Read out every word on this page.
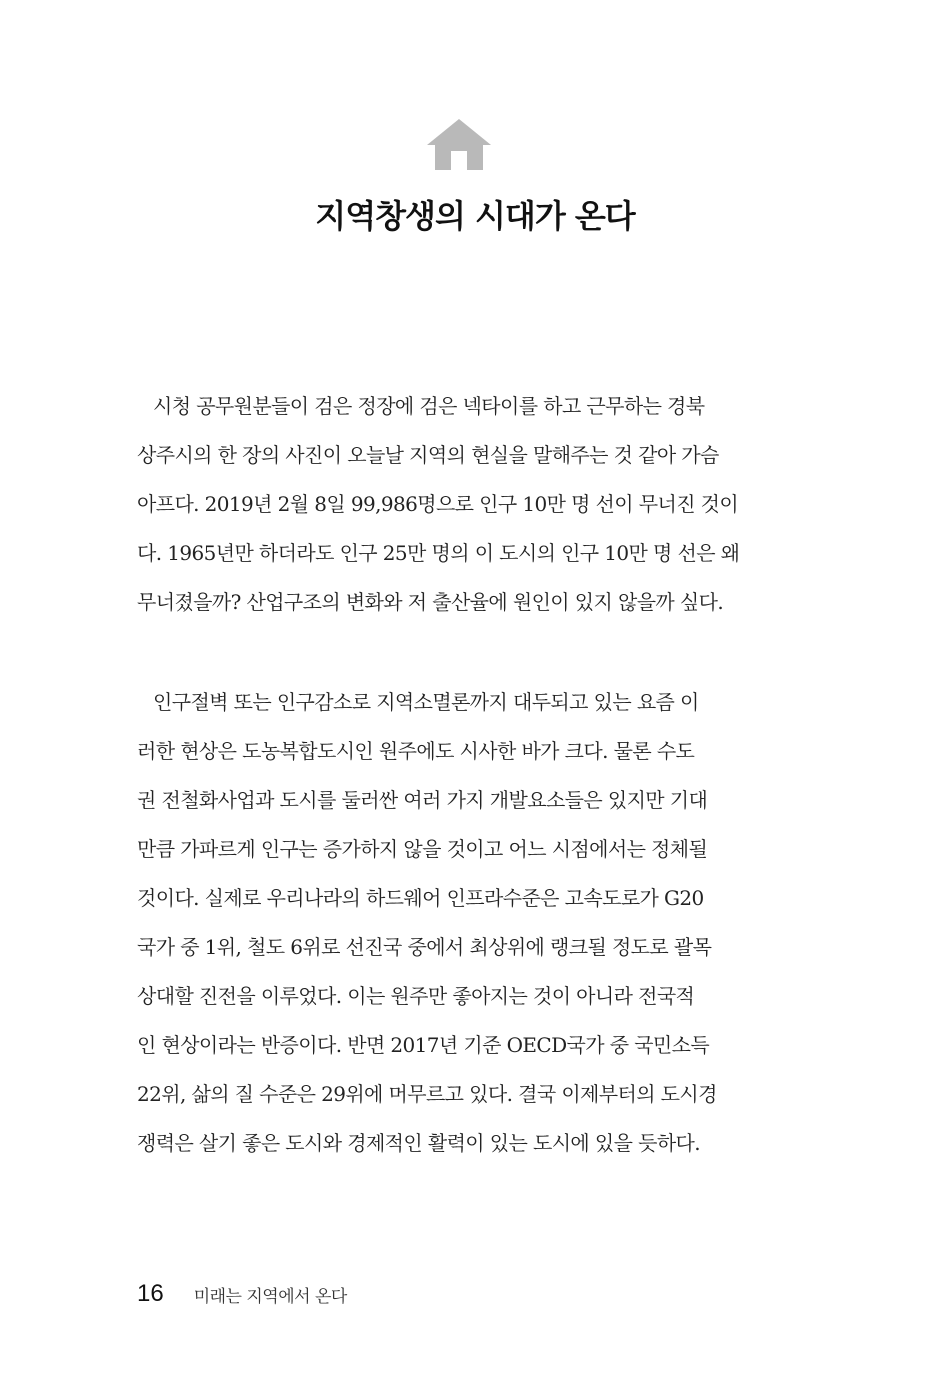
지역창생의 시대가 온다
시청 공무원분들이 검은 정장에 검은 넥타이를 하고 근무하는 경북
상주시의 한 장의 사진이 오늘날 지역의 현실을 말해주는 것 같아 가슴
아프다. 2019년 2월 8일 99,986명으로 인구 10만 명 선이 무너진 것이
다. 1965년만 하더라도 인구 25만 명의 이 도시의 인구 10만 명 선은 왜
무너졌을까? 산업구조의 변화와 저 출산율에 원인이 있지 않을까 싶다.
인구절벽 또는 인구감소로 지역소멸론까지 대두되고 있는 요즘 이
러한 현상은 도농복합도시인 원주에도 시사한 바가 크다. 물론 수도
권 전철화사업과 도시를 둘러싼 여러 가지 개발요소들은 있지만 기대
만큼 가파르게 인구는 증가하지 않을 것이고 어느 시점에서는 정체될
것이다. 실제로 우리나라의 하드웨어 인프라수준은 고속도로가 G20
국가 중 1위, 철도 6위로 선진국 중에서 최상위에 랭크될 정도로 괄목
상대할 진전을 이루었다. 이는 원주만 좋아지는 것이 아니라 전국적
인 현상이라는 반증이다. 반면 2017년 기준 OECD국가 중 국민소득
22위, 삶의 질 수준은 29위에 머무르고 있다. 결국 이제부터의 도시경
쟁력은 살기 좋은 도시와 경제적인 활력이 있는 도시에 있을 듯하다.
16 미래는 지역에서 온다
